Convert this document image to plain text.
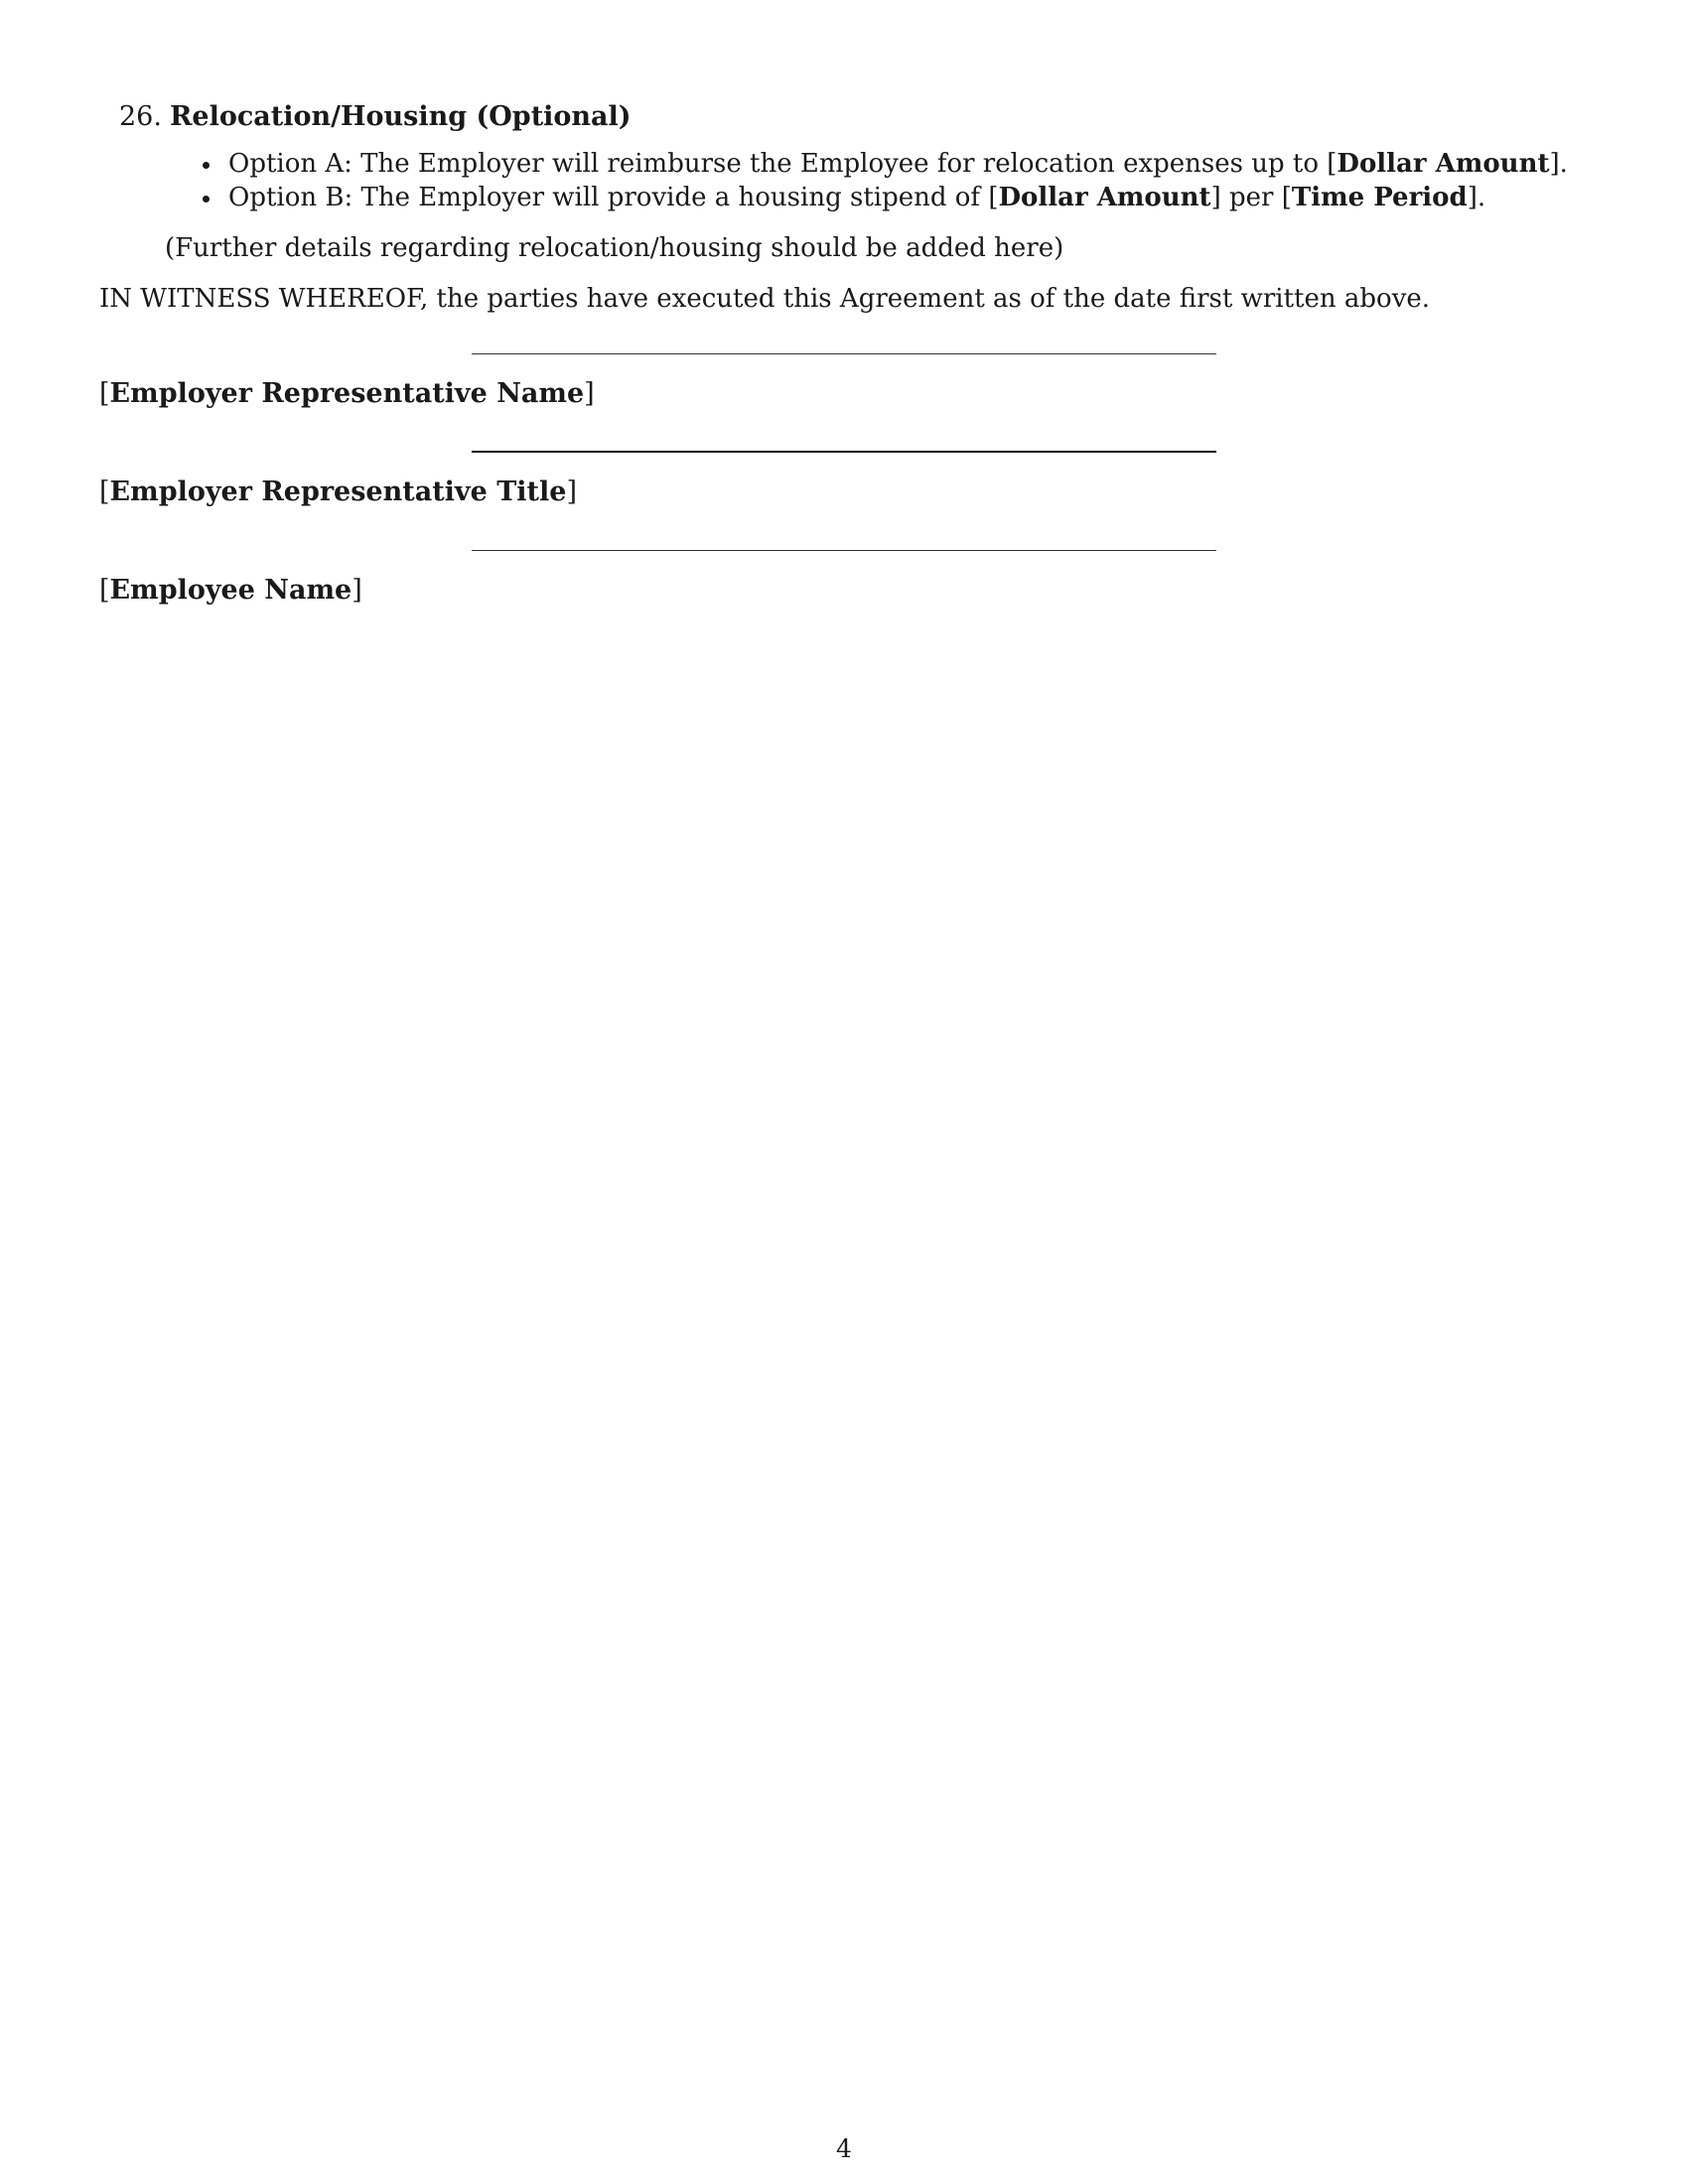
26. Relocation/Housing (Optional)
Option A: The Employer will reimburse the Employee for relocation expenses up to [Dollar Amount].
Option B: The Employer will provide a housing stipend of [Dollar Amount] per [Time Period].
(Further details regarding relocation/housing should be added here)
IN WITNESS WHEREOF, the parties have executed this Agreement as of the date first written above.
[Employer Representative Name]
[Employer Representative Title]
[Employee Name]
4
